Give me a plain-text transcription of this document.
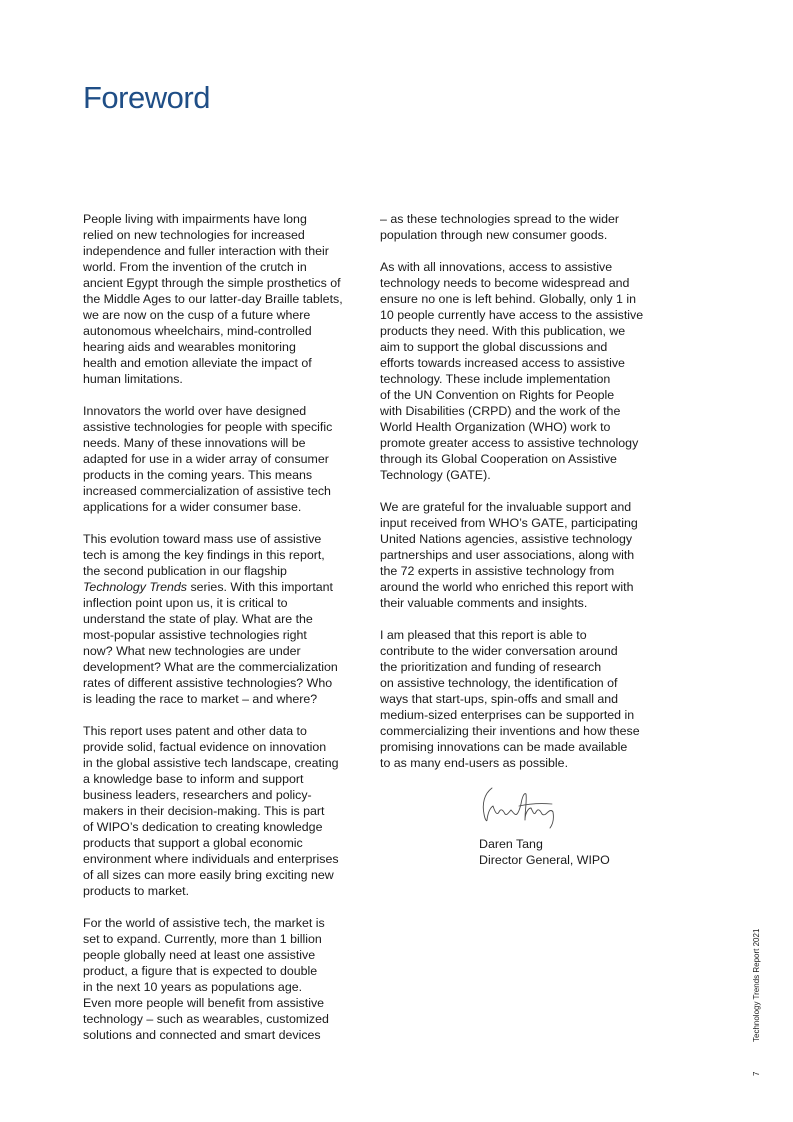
Foreword

People living with impairments have long
relied on new technologies for increased
independence and fuller interaction with their
world. From the invention of the crutch in
ancient Egypt through the simple prosthetics of
the Middle Ages to our latter-day Braille tablets,
we are now on the cusp of a future where
autonomous wheelchairs, mind-controlled
hearing aids and wearables monitoring
health and emotion alleviate the impact of
human limitations.

Innovators the world over have designed
assistive technologies for people with specific
needs. Many of these innovations will be
adapted for use in a wider array of consumer
products in the coming years. This means
increased commercialization of assistive tech
applications for a wider consumer base.

This evolution toward mass use of assistive
tech is among the key findings in this report,
the second publication in our flagship
Technology Trends series. With this important
inflection point upon us, it is critical to
understand the state of play. What are the
most-popular assistive technologies right
now? What new technologies are under
development? What are the commercialization
rates of different assistive technologies? Who
is leading the race to market – and where?

This report uses patent and other data to
provide solid, factual evidence on innovation
in the global assistive tech landscape, creating
a knowledge base to inform and support
business leaders, researchers and policy-
makers in their decision-making. This is part
of WIPO’s dedication to creating knowledge
products that support a global economic
environment where individuals and enterprises
of all sizes can more easily bring exciting new
products to market.

For the world of assistive tech, the market is
set to expand. Currently, more than 1 billion
people globally need at least one assistive
product, a figure that is expected to double
in the next 10 years as populations age.
Even more people will benefit from assistive
technology – such as wearables, customized
solutions and connected and smart devices

– as these technologies spread to the wider
population through new consumer goods.

As with all innovations, access to assistive
technology needs to become widespread and
ensure no one is left behind. Globally, only 1 in
10 people currently have access to the assistive
products they need. With this publication, we
aim to support the global discussions and
efforts towards increased access to assistive
technology. These include implementation
of the UN Convention on Rights for People
with Disabilities (CRPD) and the work of the
World Health Organization (WHO) work to
promote greater access to assistive technology
through its Global Cooperation on Assistive
Technology (GATE).

We are grateful for the invaluable support and
input received from WHO’s GATE, participating
United Nations agencies, assistive technology
partnerships and user associations, along with
the 72 experts in assistive technology from
around the world who enriched this report with
their valuable comments and insights.

I am pleased that this report is able to
contribute to the wider conversation around
the prioritization and funding of research
on assistive technology, the identification of
ways that start-ups, spin-offs and small and
medium-sized enterprises can be supported in
commercializing their inventions and how these
promising innovations can be made available
to as many end-users as possible.

Daren Tang
Director General, WIPO
Technology Trends Report 2021
7
